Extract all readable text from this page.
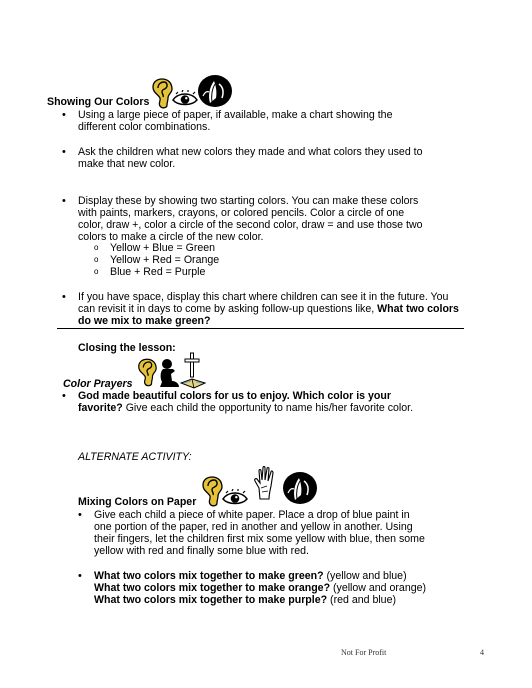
Showing Our Colors
• Using a large piece of paper, if available, make a chart showing the
different color combinations.
• Ask the children what new colors they made and what colors they used to
make that new color.
• Display these by showing two starting colors. You can make these colors
with paints, markers, crayons, or colored pencils. Color a circle of one
color, draw +, color a circle of the second color, draw = and use those two
colors to make a circle of the new color.
o Yellow + Blue = Green
o Yellow + Red = Orange
o Blue + Red = Purple
• If you have space, display this chart where children can see it in the future. You
can revisit it in days to come by asking follow-up questions like, What two colors
do we mix to make green?
Closing the lesson:
Color Prayers
• God made beautiful colors for us to enjoy. Which color is your
favorite? Give each child the opportunity to name his/her favorite color.
ALTERNATE ACTIVITY:
Mixing Colors on Paper
• Give each child a piece of white paper. Place a drop of blue paint in
one portion of the paper, red in another and yellow in another. Using
their fingers, let the children first mix some yellow with blue, then some
yellow with red and finally some blue with red.
• What two colors mix together to make green? (yellow and blue)
What two colors mix together to make orange? (yellow and orange)
What two colors mix together to make purple? (red and blue)
Not For Profit	4
